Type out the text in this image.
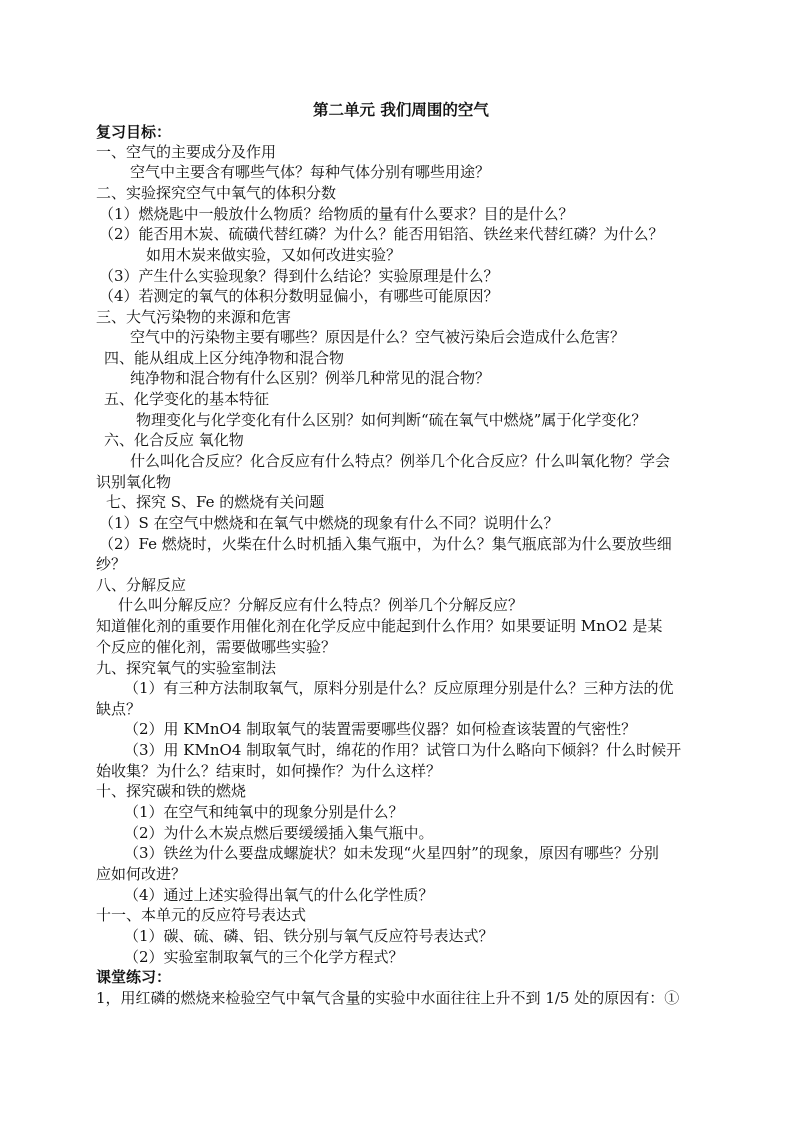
第二单元 我们周围的空气

复习目标：

一、空气的主要成分及作用

空气中主要含有哪些气体？每种气体分别有哪些用途？

二、实验探究空气中氧气的体积分数

（1）燃烧匙中一般放什么物质？给物质的量有什么要求？目的是什么？

（2）能否用木炭、硫磺代替红磷？为什么？能否用铝箔、铁丝来代替红磷？为什么？

如用木炭来做实验，又如何改进实验？

（3）产生什么实验现象？得到什么结论？实验原理是什么？

（4）若测定的氧气的体积分数明显偏小，有哪些可能原因？

三、大气污染物的来源和危害

空气中的污染物主要有哪些？原因是什么？空气被污染后会造成什么危害？

四、能从组成上区分纯净物和混合物

纯净物和混合物有什么区别？例举几种常见的混合物？

五、化学变化的基本特征

物理变化与化学变化有什么区别？如何判断“硫在氧气中燃烧”属于化学变化？

六、化合反应 氧化物

什么叫化合反应？化合反应有什么特点？例举几个化合反应？什么叫氧化物？学会

识别氧化物

七、探究 S、Fe 的燃烧有关问题

（1）S 在空气中燃烧和在氧气中燃烧的现象有什么不同？说明什么？

（2）Fe 燃烧时，火柴在什么时机插入集气瓶中，为什么？集气瓶底部为什么要放些细

纱？

八、分解反应

什么叫分解反应？分解反应有什么特点？例举几个分解反应？

知道催化剂的重要作用催化剂在化学反应中能起到什么作用？如果要证明 MnO2 是某

个反应的催化剂，需要做哪些实验？

九、探究氧气的实验室制法

（1）有三种方法制取氧气，原料分别是什么？反应原理分别是什么？三种方法的优

缺点？

（2）用 KMnO4 制取氧气的装置需要哪些仪器？如何检查该装置的气密性？

（3）用 KMnO4 制取氧气时，绵花的作用？试管口为什么略向下倾斜？什么时候开

始收集？为什么？结束时，如何操作？为什么这样？

十、探究碳和铁的燃烧

（1）在空气和纯氧中的现象分别是什么？

（2）为什么木炭点燃后要缓缓插入集气瓶中。

（3）铁丝为什么要盘成螺旋状？如未发现“火星四射”的现象，原因有哪些？分别

应如何改进？

（4）通过上述实验得出氧气的什么化学性质？

十一、本单元的反应符号表达式

（1）碳、硫、磷、铝、铁分别与氧气反应符号表达式？

（2）实验室制取氧气的三个化学方程式？

课堂练习：

1，用红磷的燃烧来检验空气中氧气含量的实验中水面往往上升不到 1/5 处的原因有：①
